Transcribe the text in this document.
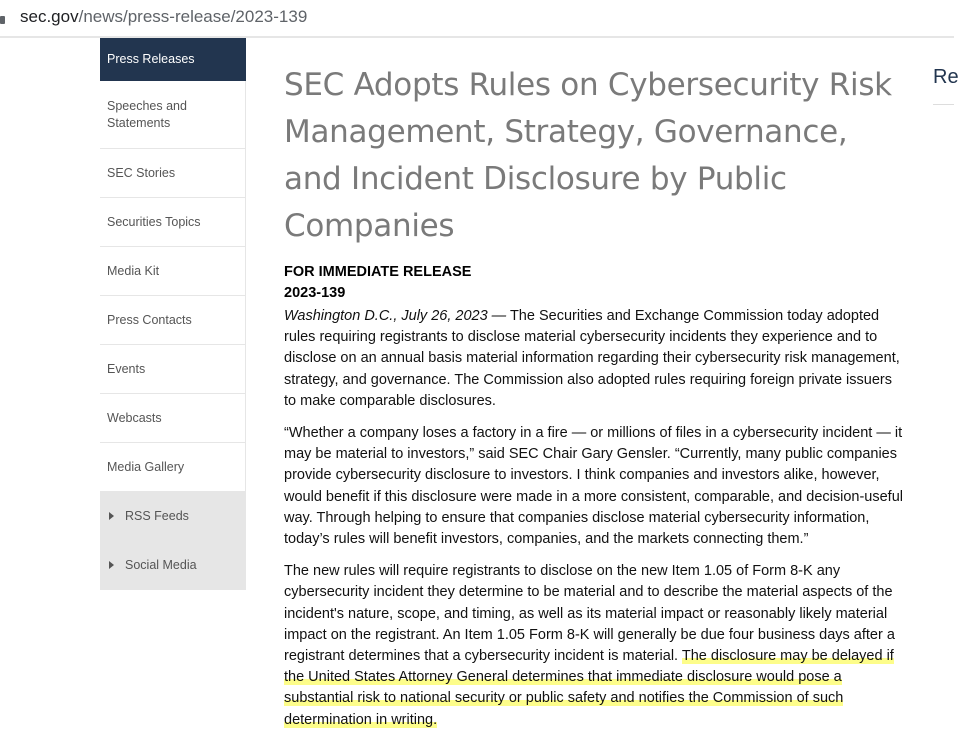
sec.gov/news/press-release/2023-139
Press Releases
Speeches and Statements
SEC Stories
Securities Topics
Media Kit
Press Contacts
Events
Webcasts
Media Gallery
RSS Feeds
Social Media
SEC Adopts Rules on Cybersecurity Risk Management, Strategy, Governance, and Incident Disclosure by Public Companies
FOR IMMEDIATE RELEASE
2023-139

Washington D.C., July 26, 2023 — The Securities and Exchange Commission today adopted rules requiring registrants to disclose material cybersecurity incidents they experience and to disclose on an annual basis material information regarding their cybersecurity risk management, strategy, and governance. The Commission also adopted rules requiring foreign private issuers to make comparable disclosures.

“Whether a company loses a factory in a fire — or millions of files in a cybersecurity incident — it may be material to investors,” said SEC Chair Gary Gensler. “Currently, many public companies provide cybersecurity disclosure to investors. I think companies and investors alike, however, would benefit if this disclosure were made in a more consistent, comparable, and decision-useful way. Through helping to ensure that companies disclose material cybersecurity information, today’s rules will benefit investors, companies, and the markets connecting them.”

The new rules will require registrants to disclose on the new Item 1.05 of Form 8-K any cybersecurity incident they determine to be material and to describe the material aspects of the incident's nature, scope, and timing, as well as its material impact or reasonably likely material impact on the registrant. An Item 1.05 Form 8-K will generally be due four business days after a registrant determines that a cybersecurity incident is material. The disclosure may be delayed if the United States Attorney General determines that immediate disclosure would pose a substantial risk to national security or public safety and notifies the Commission of such determination in writing.

Re
